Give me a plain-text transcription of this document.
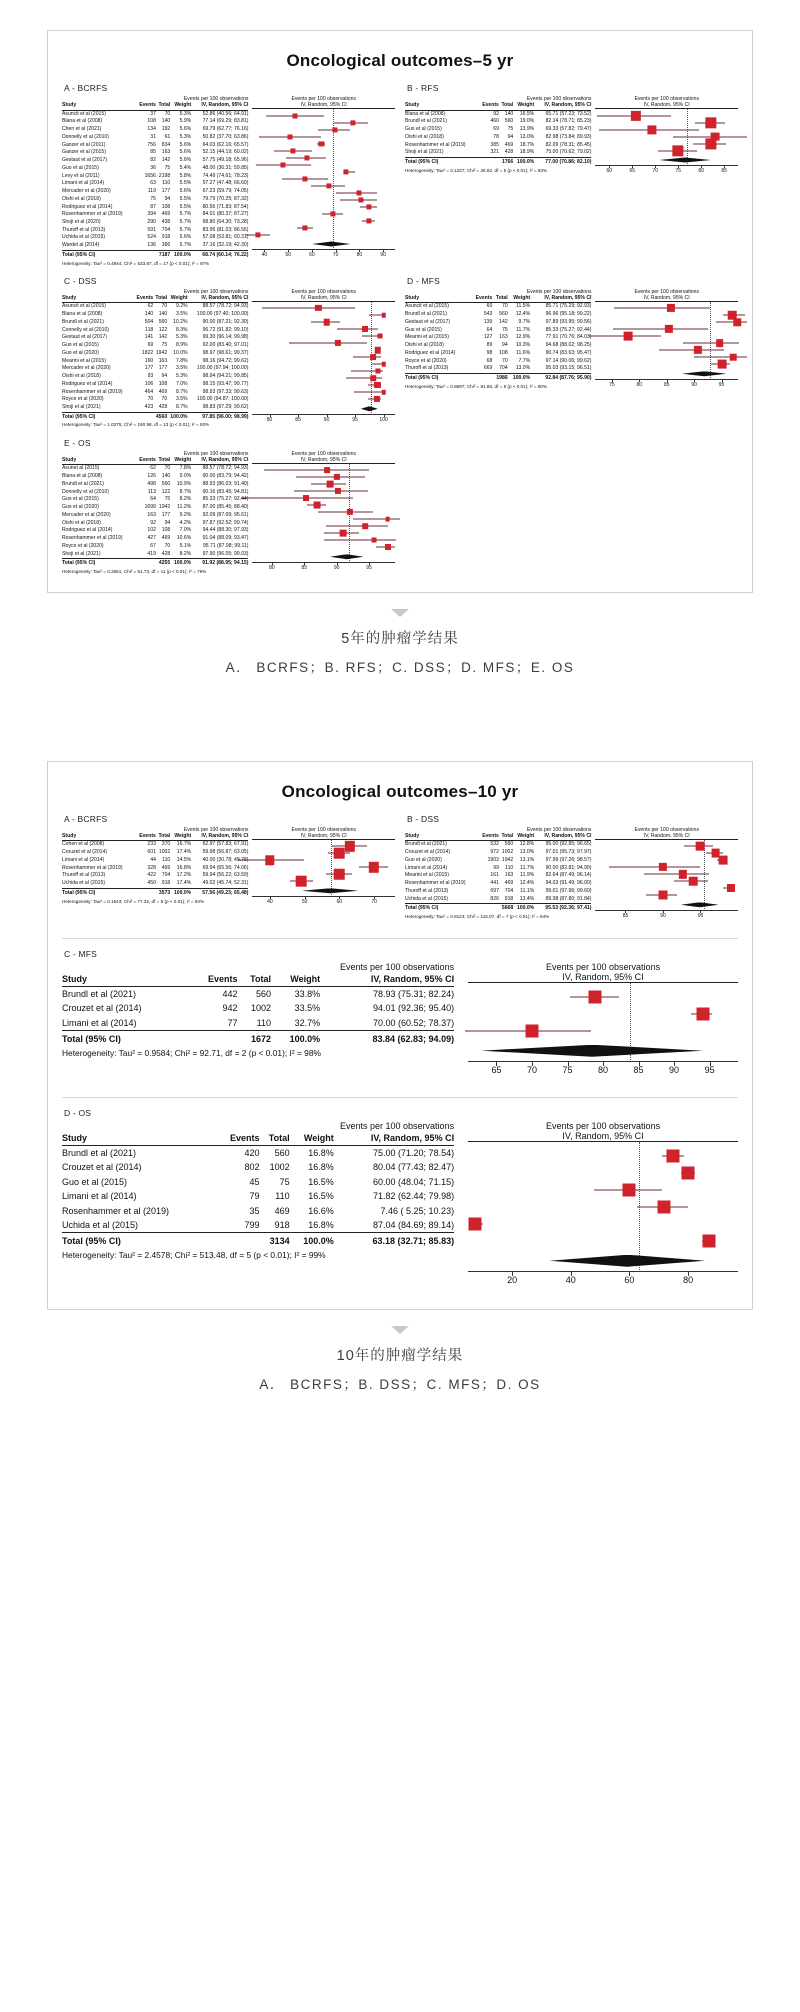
Oncological outcomes–5 yr
A - BCRFS
Events per 100 observations
Study	Events	Total	Weight	IV, Random, 95% CI
Asuncit et al (2015)	37	70	5.3%	52.86 (40.56; 64.91)
Blana et al (2008)	108	140	5.9%	77.14 (69.29; 83.81)
Chen et al (2021)	134	192	5.6%	69.79 (62.77; 76.16)
Donnelly et al (2010)	31	61	5.3%	50.82 (37.70; 63.86)
Ganzer et al (2011)	756	834	5.6%	64.03 (62.16; 65.57)
Ganzer et al (2015)	85	163	5.6%	52.15 (44.19; 60.02)
Gestaut et al (2017)	82	142	5.6%	57.75 (49.18; 65.96)
Guo et al (2015)	36	75	5.4%	48.00 (36.31; 59.85)
Levy et al (2011)	1656	2198	5.8%	74.49 (74.61; 78.23)
Limani et al (2014)	63	110	5.5%	57.27 (47.48; 66.60)
Mercader et al (2020)	119	177	5.6%	67.23 (59.79; 74.05)
Oishi et al (2018)	75	94	5.5%	79.79 (70.25; 87.32)
Rodriguez et al (2014)	87	108	5.5%	80.56 (71.83; 87.54)
Rosenhammer et al (2019)	394	469	5.7%	84.01 (80.37; 87.27)
Shoji et al (2020)	290	438	5.7%	68.80 (64.30; 73.28)
Thuroff et al (2013)	591	704	5.7%	83.95 (81.03; 86.56)
Uchida et al (2015)	524	918	5.6%	57.08 (53.81; 60.31)
Wardel al (2014)	136	366	5.7%	37.16 (32.19; 42.30)
Total (95% CI)		7187	100.0%	68.74 (60.14; 76.22)
Heterogeneity: Tau² = 0.4944; Chi² = 633.87, df = 17 (p < 0.01); I² = 97%
Events per 100 observations
IV, Random, 95% CI
40	50	60	70	80	90
B - RFS
Events per 100 observations
Study	Events	Total	Weight	IV, Random, 95% CI
Blana et al (2008)	92	140	16.5%	65.71 (57.23; 73.52)
Brundl et al (2021)	460	560	19.0%	82.14 (78.71; 85.23)
Guo et al (2015)	69	75	13.9%	69.33 (57.82; 79.47)
Oishi et al (2018)	78	94	13.0%	82.98 (73.84; 89.93)
Rosenhammer et al (2019)	385	469	18.7%	82.09 (78.31; 85.45)
Shoji et al (2021)	321	428	18.9%	75.00 (70.62; 79.02)
Total (95% CI)		1766	100.0%	77.00 (70.86; 82.10)
Heterogeneity: Tau² = 0.1227; Chi² = 28.82, df = 5 (p < 0.01); I² = 83%
Events per 100 observations
IV, Random, 95% CI
60	65	70	75	80	85
C - DSS
Events per 100 observations
Study	Events	Total	Weight	IV, Random, 95% CI
Asuncit et al (2015)	62	70	9.2%	88.57 (78.72; 94.93)
Blana et al (2008)	140	140	3.5%	100.00 (97.40; 100.00)
Brundl et al (2021)	504	560	10.2%	90.00 (87.21; 92.30)
Connelly et al (2010)	118	122	8.3%	96.72 (91.82; 99.10)
Gestaut et al (2017)	141	142	5.3%	99.30 (96.14; 99.98)
Guo et al (2015)	69	75	8.9%	92.00 (83.40; 97.01)
Guo et al (2020)	1822	1942	10.0%	98.97 (98.61; 99.37)
Mearini et al (2015)	160	163	7.8%	98.16 (94.72; 99.62)
Mercader et al (2020)	177	177	3.5%	100.00 (97.94; 100.00)
Oishi et al (2018)	93	94	5.3%	98.94 (94.21; 99.85)
Rodriguez et al (2014)	106	108	7.0%	98.15 (93.47; 99.77)
Rosenhammer et al (2019)	464	469	8.7%	98.93 (97.33; 99.63)
Royce et al (2020)	70	70	3.5%	100.00 (94.87; 100.00)
Shoji et al (2021)	423	428	8.7%	98.83 (97.29; 99.62)
Total (95% CI)		4560	100.0%	97.85 (96.00; 98.99)
Heterogeneity: Tau² = 1.0275; Chi² = 190.98, df = 13 (p < 0.01); I² = 93%
Events per 100 observations
IV, Random, 95% CI
80	85	90	95	100
D - MFS
Events per 100 observations
Study	Events	Total	Weight	IV, Random, 95% CI
Asuncit et al (2015)	60	70	11.5%	85.71 (75.29; 92.93)
Brundl et al (2021)	543	560	12.4%	96.96 (95.18; 99.22)
Gestaut et al (2017)	139	142	9.7%	97.89 (93.95; 99.56)
Guo et al (2015)	64	75	11.7%	85.33 (75.27; 92.44)
Mearini et al (2015)	127	163	12.9%	77.91 (70.76; 84.03)
Oishi et al (2018)	89	94	10.3%	94.68 (88.02; 98.25)
Rodriguez et al (2014)	98	108	11.6%	90.74 (83.63; 95.47)
Royce et al (2020)	68	70	7.7%	97.14 (90.06; 99.62)
Thuroff et al (2013)	669	704	13.0%	95.03 (93.15; 96.51)
Total (95% CI)		1986	100.0%	92.84 (87.76; 95.90)
Heterogeneity: Tau² = 0.8697; Chi² = 81.86, df = 8 (p < 0.01); I² = 90%
Events per 100 observations
IV, Random, 95% CI
75	80	85	90	95
E - OS
Events per 100 observations
Study	Events	Total	Weight	IV, Random, 95% CI
Asunet al (2015)	62	70	7.8%	88.57 (78.72; 94.93)
Blana et al (2008)	126	140	9.0%	90.00 (83.79; 94.42)
Brundl et al (2021)	498	560	10.9%	88.93 (86.03; 91.40)
Donnelly et al (2010)	113	122	8.7%	90.16 (83.45; 94.81)
Guo et al (2015)	64	75	8.2%	85.33 (75.27; 92.44)
Guo et al (2020)	1699	1942	11.2%	87.00 (85.45; 88.40)
Mercader et al (2020)	163	177	9.2%	92.09 (87.09; 95.61)
Oishi et al (2018)	92	94	4.2%	97.87 (92.52; 99.74)
Rodriguez et al (2014)	102	108	7.0%	94.44 (88.30; 97.93)
Rosenhammer et al (2019)	427	469	10.6%	91.04 (88.09; 93.47)
Royce et al (2020)	67	70	5.1%	95.71 (87.98; 99.11)
Shoji et al (2021)	419	428	8.2%	97.90 (96.05; 99.03)
Total (95% CI)		4255	100.0%	91.92 (88.95; 94.15)
Heterogeneity: Tau² = 0.2661; Chi² = 51.73, df = 11 (p < 0.01); I² = 79%
Events per 100 observations
IV, Random, 95% CI
80	85	90	95
5年的肿瘤学结果
A． BCRFS；B. RFS；C. DSS；D. MFS；E. OS
Oncological outcomes–10 yr
A - BCRFS
Events per 100 observations
Study	Events	Total	Weight	IV, Random, 95% CI
Cohen et al (2008)	233	370	16.7%	62.97 (57.83; 67.91)
Crouzet et al (2014)	601	1002	17.4%	59.98 (56.87; 63.05)
Limani et al (2014)	44	110	14.5%	40.00 (30.78; 49.78)
Rosenhammer et al (2019)	328	469	16.8%	69.94 (65.56; 74.06)
Thuroff et al (2013)	422	704	17.2%	59.94 (56.22; 63.59)
Uchida et al (2015)	450	918	17.4%	49.02 (45.74; 52.31)
Total (95% CI)		3573	100.0%	57.56 (49.23; 65.48)
Heterogeneity: Tau² = 0.1643; Chi² = 77.32, df = 5 (p < 0.01); I² = 94%
Events per 100 observations
IV, Random, 95% CI
40	50	60	70
B - DSS
Events per 100 observations
Study	Events	Total	Weight	IV, Random, 95% CI
Brundl et al (2021)	532	560	12.8%	95.00 (92.85; 96.65)
Crouzet et al (2014)	972	1002	13.0%	97.01 (95.73; 97.97)
Guo et al (2020)	1903	1942	13.1%	97.99 (97.26; 98.57)
Limani et al (2014)	99	110	11.7%	90.00 (82.81; 94.90)
Mearini et al (2015)	161	163	11.9%	82.64 (87.49; 96.14)
Rosenhammer et al (2019)	441	469	12.4%	94.03 (91.49; 96.00)
Thuroff et al (2013)	697	704	11.1%	99.01 (97.96; 99.60)
Uchida et al (2015)	826	918	13.4%	89.98 (87.80; 91.84)
Total (95% CI)		5668	100.0%	95.53 (92.36; 97.41)
Heterogeneity: Tau² = 0.8124; Chi² = 115.07, df = 7 (p < 0.01); I² = 94%
Events per 100 observations
IV, Random, 95% CI
85	90	95
C - MFS
Events per 100 observations
Study	Events	Total	Weight	IV, Random, 95% CI
Brundl et al (2021)	442	560	33.8%	78.93 (75.31; 82.24)
Crouzet et al (2014)	942	1002	33.5%	94.01 (92.36; 95.40)
Limani et al (2014)	77	110	32.7%	70.00 (60.52; 78.37)
Total (95% CI)		1672	100.0%	83.84 (62.83; 94.09)
Heterogeneity: Tau² = 0.9584; Chi² = 92.71, df = 2 (p < 0.01); I² = 98%
Events per 100 observations
IV, Random, 95% CI
65	70	75	80	85	90	95
D - OS
Events per 100 observations
Study	Events	Total	Weight	IV, Random, 95% CI
Brundl et al (2021)	420	560	16.8%	75.00 (71.20; 78.54)
Crouzet et al (2014)	802	1002	16.8%	80.04 (77.43; 82.47)
Guo et al (2015)	45	75	16.5%	60.00 (48.04; 71.15)
Limani et al (2014)	79	110	16.5%	71.82 (62.44; 79.98)
Rosenhammer et al (2019)	35	469	16.6%	7.46 ( 5.25; 10.23)
Uchida et al (2015)	799	918	16.8%	87.04 (84.69; 89.14)
Total (95% CI)		3134	100.0%	63.18 (32.71; 85.83)
Heterogeneity: Tau² = 2.4578; Chi² = 513.48, df = 5 (p < 0.01); I² = 99%
Events per 100 observations
IV, Random, 95% CI
20	40	60	80
10年的肿瘤学结果
A． BCRFS；B. DSS；C. MFS；D. OS
